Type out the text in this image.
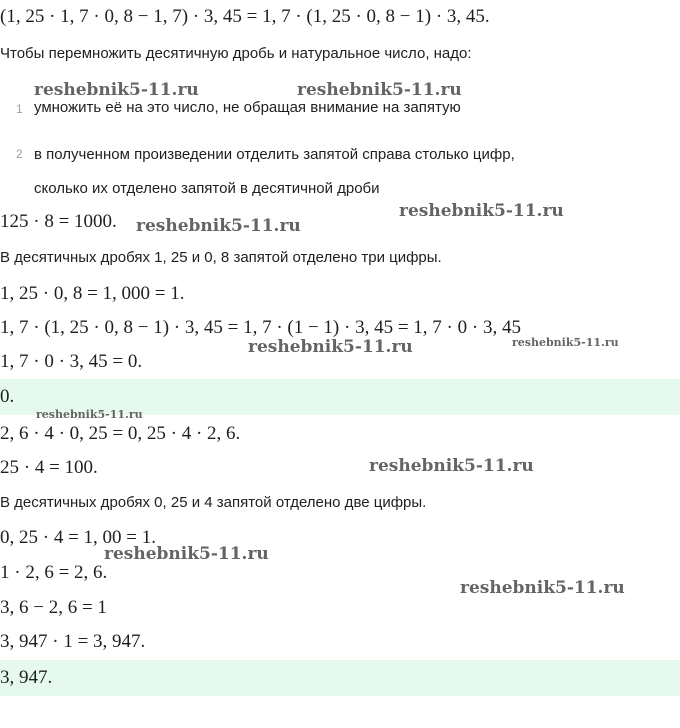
(1, 25 · 1, 7 · 0, 8 − 1, 7) · 3, 45 = 1, 7 · (1, 25 · 0, 8 − 1) · 3, 45.
Чтобы перемножить десятичную дробь и натуральное число, надо:
1 умножить её на это число, не обращая внимание на запятую
2 в полученном произведении отделить запятой справа столько цифр,
сколько их отделено запятой в десятичной дроби
125 · 8 = 1000.
В десятичных дробях 1, 25 и 0, 8 запятой отделено три цифры.
1, 25 · 0, 8 = 1, 000 = 1.
1, 7 · (1, 25 · 0, 8 − 1) · 3, 45 = 1, 7 · (1 − 1) · 3, 45 = 1, 7 · 0 · 3, 45
1, 7 · 0 · 3, 45 = 0.
0.
2, 6 · 4 · 0, 25 = 0, 25 · 4 · 2, 6.
25 · 4 = 100.
В десятичных дробях 0, 25 и 4 запятой отделено две цифры.
0, 25 · 4 = 1, 00 = 1.
1 · 2, 6 = 2, 6.
3, 6 − 2, 6 = 1
3, 947 · 1 = 3, 947.
3, 947.
reshebnik5-11.ru	reshebnik5-11.ru
reshebnik5-11.ru
reshebnik5-11.ru
reshebnik5-11.ru	reshebnik5-11.ru
reshebnik5-11.ru
reshebnik5-11.ru
reshebnik5-11.ru
reshebnik5-11.ru
